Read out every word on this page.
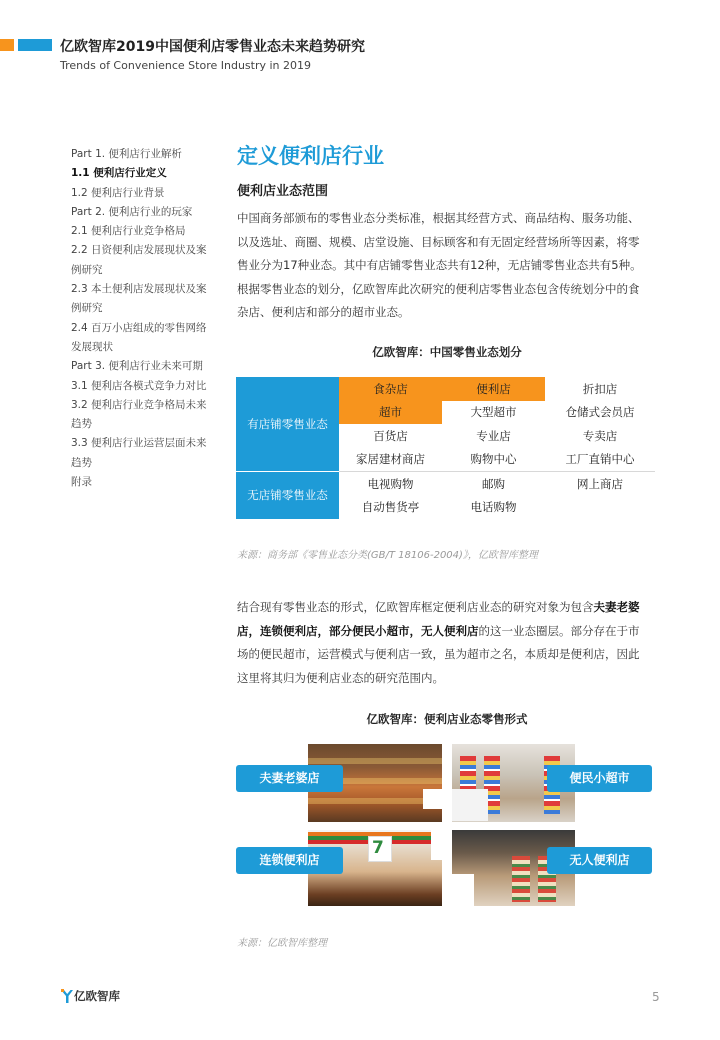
亿欧智库2019中国便利店零售业态未来趋势研究
Trends of Convenience Store Industry in 2019
Part 1. 便利店行业解析
1.1 便利店行业定义
1.2 便利店行业背景
Part 2. 便利店行业的玩家
2.1 便利店行业竞争格局
2.2 日资便利店发展现状及案
例研究
2.3 本土便利店发展现状及案
例研究
2.4 百万小店组成的零售网络
发展现状
Part 3. 便利店行业未来可期
3.1 便利店各模式竞争力对比
3.2 便利店行业竞争格局未来
趋势
3.3 便利店行业运营层面未来
趋势
附录
定义便利店行业
便利店业态范围
中国商务部颁布的零售业态分类标准，根据其经营方式、商品结构、服务功能、
以及选址、商圈、规模、店堂设施、目标顾客和有无固定经营场所等因素，将零
售业分为17种业态。其中有店铺零售业态共有12种，无店铺零售业态共有5种。
根据零售业态的划分，亿欧智库此次研究的便利店零售业态包含传统划分中的食
杂店、便利店和部分的超市业态。
亿欧智库：中国零售业态划分
有店铺零售业态	食杂店	便利店	折扣店
	超市	大型超市	仓储式会员店
	百货店	专业店	专卖店
	家居建材商店	购物中心	工厂直销中心
无店铺零售业态	电视购物	邮购	网上商店
	自动售货亭	电话购物	
来源：商务部《零售业态分类(GB/T 18106-2004)》，亿欧智库整理
结合现有零售业态的形式，亿欧智库框定便利店业态的研究对象为包含夫妻老婆
店，连锁便利店，部分便民小超市，无人便利店的这一业态圈层。部分存在于市
场的便民超市，运营模式与便利店一致，虽为超市之名，本质却是便利店，因此
这里将其归为便利店业态的研究范围内。
亿欧智库：便利店业态零售形式
7
夫妻老婆店	便民小超市
连锁便利店	无人便利店
来源：亿欧智库整理
亿欧智库	5
